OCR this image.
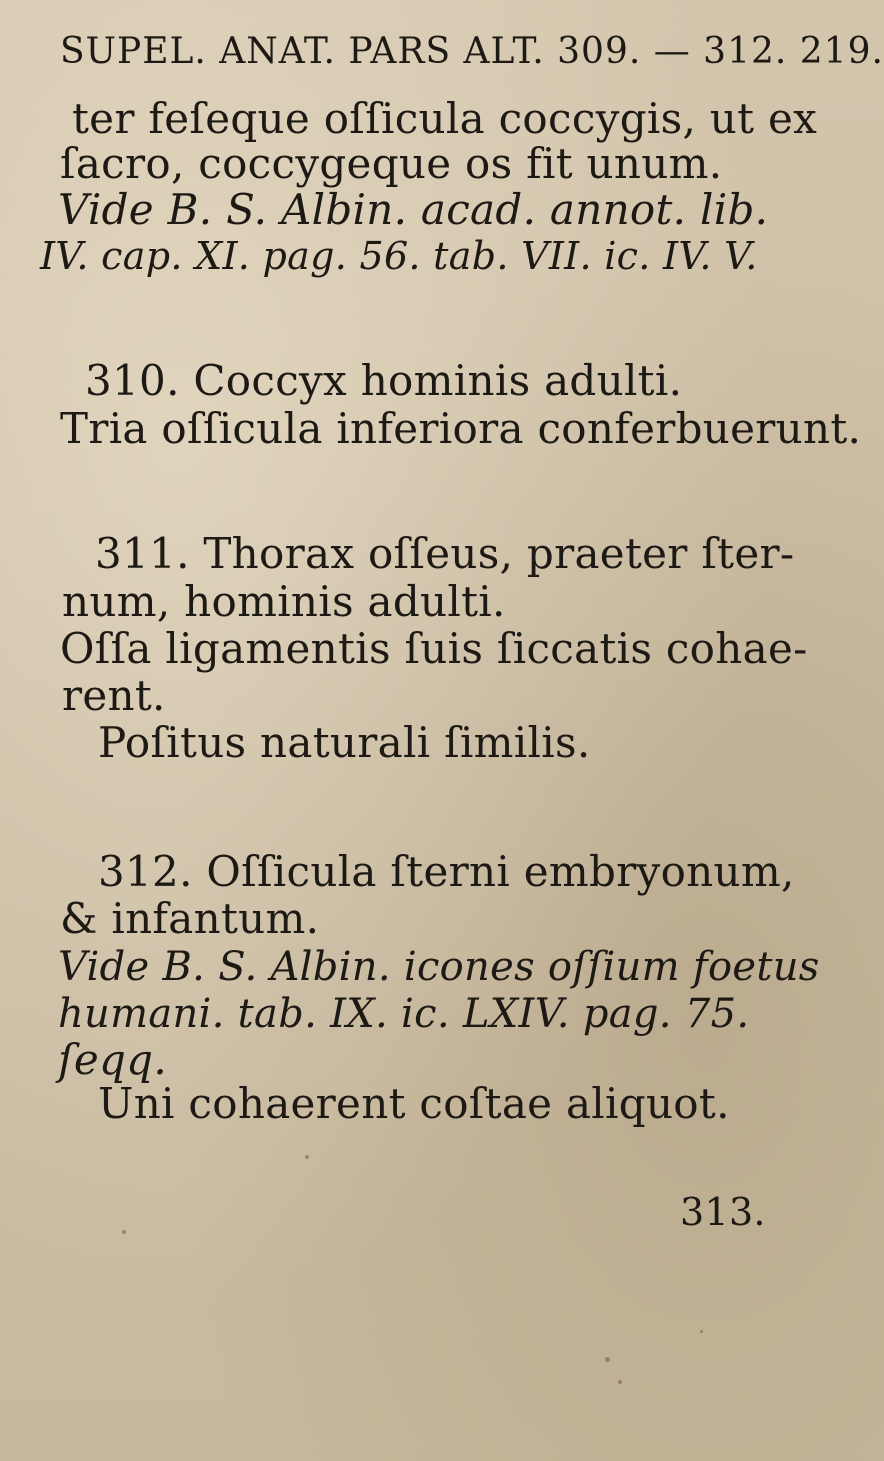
SUPEL. ANAT. PARS ALT. 309. — 312. 219.
ter feſeque oſſicula coccygis, ut ex
ſacro, coccygeque os fit unum.
Vide B. S. Albin. acad. annot. lib.
IV. cap. XI. pag. 56. tab. VII. ic. IV. V.
310. Coccyx hominis adulti.
Tria oſſicula inferiora conferbuerunt.
311. Thorax oſſeus, praeter ſter-
num, hominis adulti.
Oſſa ligamentis ſuis ſiccatis cohae-
rent.
Poſitus naturali ſimilis.
312. Oſſicula ſterni embryonum,
& infantum.
Vide B. S. Albin. icones oſſium foetus
humani. tab. IX. ic. LXIV. pag. 75.
ſeqq.
Uni cohaerent coſtae aliquot.
313.
